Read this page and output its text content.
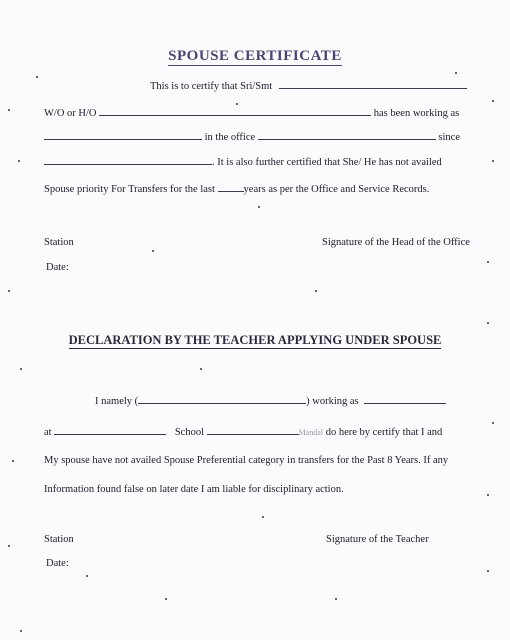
SPOUSE CERTIFICATE
This is to certify that Sri/Smt
W/O or H/O	has been working as
in the office	since
. It is also further certified that She/ He has not availed
Spouse priority For Transfers for the last	years as per the Office and Service Records.
Station	Signature of the Head of the Office
Date:
DECLARATION BY THE TEACHER APPLYING UNDER SPOUSE
I namely (	) working as
at	School	Mandal do here by certify that I and
My spouse have not availed Spouse Preferential category in transfers for the Past 8 Years. If any
Information found false on later date I am liable for disciplinary action.
Station	Signature of the Teacher
Date:
